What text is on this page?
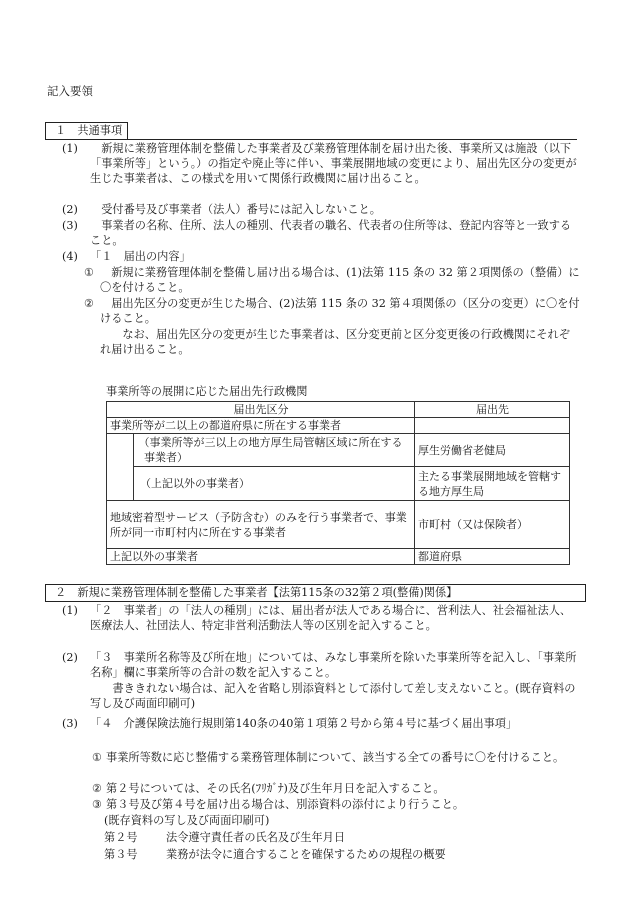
記入要領
１　共通事項
(1)	新規に業務管理体制を整備した事業者及び業務管理体制を届け出た後、事業所又は施設（以下「事業所等」という。）の指定や廃止等に伴い、事業展開地域の変更により、届出先区分の変更が生じた事業者は、この様式を用いて関係行政機関に届け出ること。
(2)	受付番号及び事業者（法人）番号には記入しないこと。
(3)	事業者の名称、住所、法人の種別、代表者の職名、代表者の住所等は、登記内容等と一致すること。
(4) 「１　届出の内容」
①	新規に業務管理体制を整備し届け出る場合は、(1)法第 115 条の 32 第２項関係の（整備）に〇を付けること。
②	届出先区分の変更が生じた場合、(2)法第 115 条の 32 第４項関係の（区分の変更）に〇を付けること。
なお、届出先区分の変更が生じた事業者は、区分変更前と区分変更後の行政機関にそれぞれ届け出ること。
事業所等の展開に応じた届出先行政機関
届出先区分		届出先
事業所等が二以上の都道府県に所在する事業者		
	（事業所等が三以上の地方厚生局管轄区域に所在する事業者）	厚生労働省老健局
	（上記以外の事業者）	主たる事業展開地域を管轄する地方厚生局
地域密着型サービス（予防含む）のみを行う事業者で、事業所が同一市町村内に所在する事業者		市町村（又は保険者）
上記以外の事業者		都道府県
２　新規に業務管理体制を整備した事業者【法第115条の32第２項(整備)関係】
(1) 「２　事業者」の「法人の種別」には、届出者が法人である場合に、営利法人、社会福祉法人、医療法人、社団法人、特定非営利活動法人等の区別を記入すること。
(2) 「３　事業所名称等及び所在地」については、みなし事業所を除いた事業所等を記入し、「事業所名称」欄に事業所等の合計の数を記入すること。
書ききれない場合は、記入を省略し別添資料として添付して差し支えないこと。(既存資料の写し及び両面印刷可)
(3) 「４　介護保険法施行規則第140条の40第１項第２号から第４号に基づく届出事項」
① 事業所等数に応じ整備する業務管理体制について、該当する全ての番号に〇を付けること。
② 第２号については、その氏名(ﾌﾘｶﾞﾅ)及び生年月日を記入すること。
③ 第３号及び第４号を届け出る場合は、別添資料の添付により行うこと。
(既存資料の写し及び両面印刷可)
第２号	法令遵守責任者の氏名及び生年月日
第３号	業務が法令に適合することを確保するための規程の概要
